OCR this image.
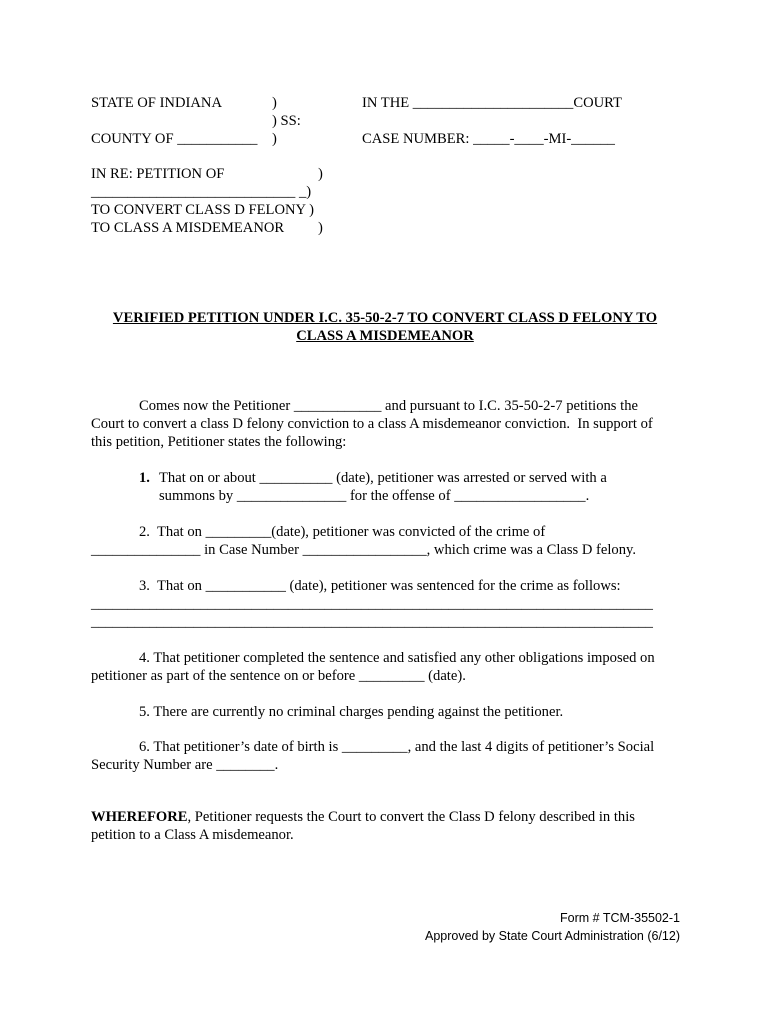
STATE OF INDIANA	)
) SS:
COUNTY OF ___________ )
IN THE ______________________COURT
CASE NUMBER: _____-____-MI-______
IN RE: PETITION OF	)
____________________________ _)
TO CONVERT CLASS D FELONY )
TO CLASS A MISDEMEANOR )
VERIFIED PETITION UNDER I.C. 35-50-2-7 TO CONVERT CLASS D FELONY TO
CLASS A MISDEMEANOR
Comes now the Petitioner ____________ and pursuant to I.C. 35-50-2-7 petitions the
Court to convert a class D felony conviction to a class A misdemeanor conviction.  In support of
this petition, Petitioner states the following:
1. That on or about __________ (date), petitioner was arrested or served with a
summons by _______________ for the offense of __________________.
2.  That on _________(date), petitioner was convicted of the crime of
_______________ in Case Number _________________, which crime was a Class D felony.
3.  That on ___________ (date), petitioner was sentenced for the crime as follows:
_____________________________________________________________________________
_____________________________________________________________________________
4. That petitioner completed the sentence and satisfied any other obligations imposed on
petitioner as part of the sentence on or before _________ (date).
5. There are currently no criminal charges pending against the petitioner.
6. That petitioner’s date of birth is _________, and the last 4 digits of petitioner’s Social
Security Number are ________.
WHEREFORE, Petitioner requests the Court to convert the Class D felony described in this
petition to a Class A misdemeanor.
Form # TCM-35502-1
Approved by State Court Administration (6/12)
